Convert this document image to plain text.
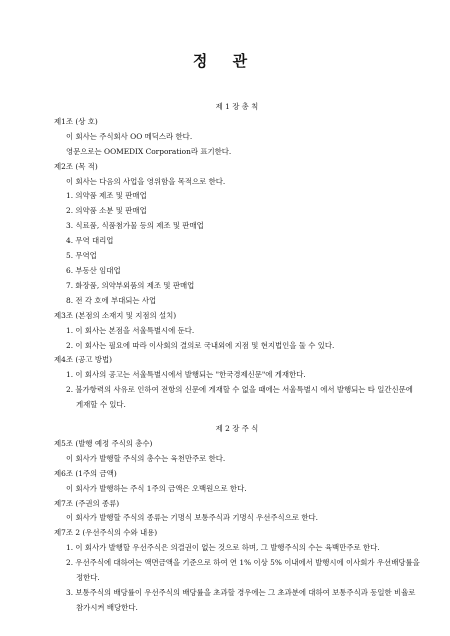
정 관

제 1 장 총 칙

제1조 (상 호)

이 회사는 주식회사 OO 메딕스라 한다.

영문으로는 OOMEDIX Corporation라 표기한다.

제2조 (목 적)

이 회사는 다음의 사업을 영위함을 목적으로 한다.

1. 의약품 제조 및 판매업

2. 의약품 소분 및 판매업

3. 식료품, 식품첨가물 등의 제조 및 판매업

4. 무역 대리업

5. 무역업

6. 부동산 임대업

7. 화장품, 의약부외품의 제조 및 판매업

8. 전 각 호에 부대되는 사업

제3조 (본점의 소재지 및 지점의 설치)

1. 이 회사는 본점을 서울특별시에 둔다.

2. 이 회사는 필요에 따라 이사회의 결의로 국내외에 지점 및 현지법인을 둘 수 있다.

제4조 (공고 방법)

1. 이 회사의 공고는 서울특별시에서 발행되는 "한국경제신문"에 게재한다.

2. 불가항력의 사유로 인하여 전항의 신문에 게재할 수 없을 때에는 서울특별시 에서 발행되는 타 일간신문에 게재할 수 있다.

제 2 장 주 식

제5조 (발행 예정 주식의 총수)

이 회사가 발행할 주식의 총수는 육천만주로 한다.

제6조 (1주의 금액)

이 회사가 발행하는 주식 1주의 금액은 오백원으로 한다.

제7조 (주권의 종류)

이 회사가 발행할 주식의 종류는 기명식 보통주식과 기명식 우선주식으로 한다.

제7조 2 (우선주식의 수와 내용)

1. 이 회사가 발행할 우선주식은 의결권이 없는 것으로 하며, 그 발행주식의 수는 육백만주로 한다.

2. 우선주식에 대하여는 액면금액을 기준으로 하여 연 1% 이상 5% 이내에서 발행시에 이사회가 우선배당률을 정한다.

3. 보통주식의 배당률이 우선주식의 배당률을 초과할 경우에는 그 초과분에 대하여 보통주식과 동일한 비율로 참가시켜 배당한다.
